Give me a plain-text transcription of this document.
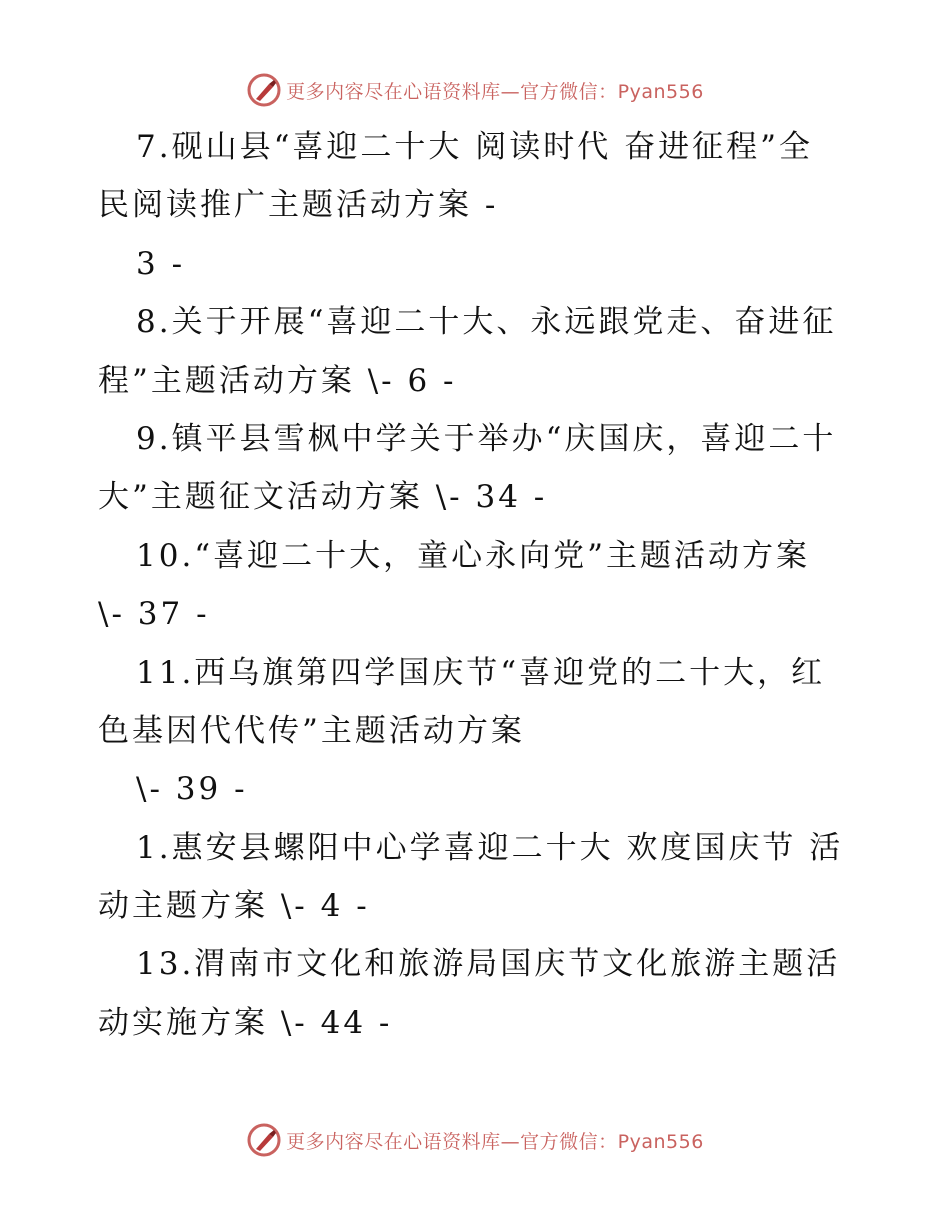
更多内容尽在心语资料库—官方微信：Pyan556
7.砚山县“喜迎二十大 阅读时代 奋进征程”全
民阅读推广主题活动方案 -
3 -
8.关于开展“喜迎二十大、永远跟党走、奋进征
程”主题活动方案 \- 6 -
9.镇平县雪枫中学关于举办“庆国庆，喜迎二十
大”主题征文活动方案 \- 34 -
10.“喜迎二十大，童心永向党”主题活动方案
\- 37 -
11.西乌旗第四学国庆节“喜迎党的二十大，红
色基因代代传”主题活动方案
\- 39 -
1.惠安县螺阳中心学喜迎二十大 欢度国庆节 活
动主题方案 \- 4 -
13.渭南市文化和旅游局国庆节文化旅游主题活
动实施方案 \- 44 -
更多内容尽在心语资料库—官方微信：Pyan556
